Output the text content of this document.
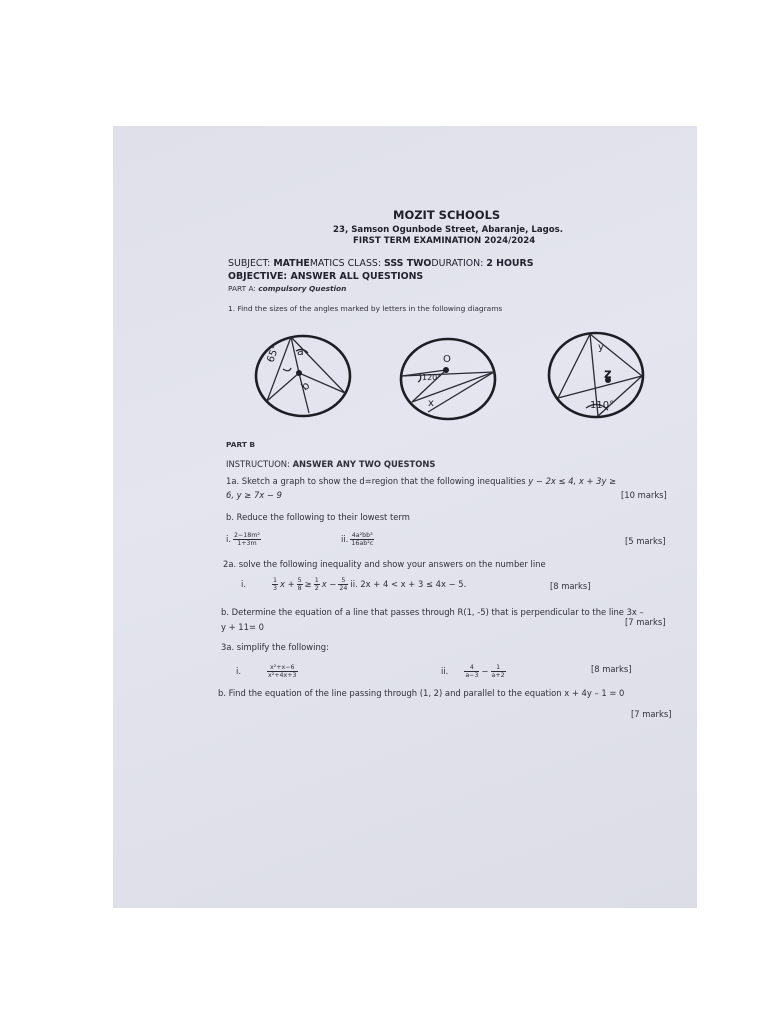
MOZIT SCHOOLS
23, Samson Ogunbode Street, Abaranje, Lagos.
FIRST TERM EXAMINATION 2024/2024
SUBJECT: MATHEMATICS CLASS: SSS TWODURATION: 2 HOURS
OBJECTIVE: ANSWER ALL QUESTIONS
PART A: compulsory Question
1. Find the sizes of the angles marked by letters in the following diagrams
65° a
b
O
120°
x
y
z
110°
PART B
INSTRUCTUON: ANSWER ANY TWO QUESTONS
1a. Sketch a graph to show the d=region that the following inequalities y − 2x ≤ 4, x + 3y ≥
6, y ≥ 7x − 9	[10 marks]
b. Reduce the following to their lowest term
i. $\frac{\text{2−18m²}}{1+3m}$	ii. $\frac{\text{4a²bb³}}{\text{16ab²c}}$	[5 marks]
2a. solve the following inequality and show your answers on the number line
i.	$\frac{1}{3}$ $x + \frac{5}{8} \ge \frac{1}{2}$ $x - \frac{5}{24}$ ii. 2x + 4 < x + 3 ≤ 4x − 5.	[8 marks]
b. Determine the equation of a line that passes through R(1, -5) that is perpendicular to the line 3x –
y + 11= 0	[7 marks]
3a. simplify the following:
i.	$\frac{\text{x²+x−6}}{\text{x²+4x+3}}$	ii.	$\frac{4}{a-3} - \frac{1}{a+2}$	[8 marks]
b. Find the equation of the line passing through (1, 2) and parallel to the equation x + 4y – 1 = 0
[7 marks]
